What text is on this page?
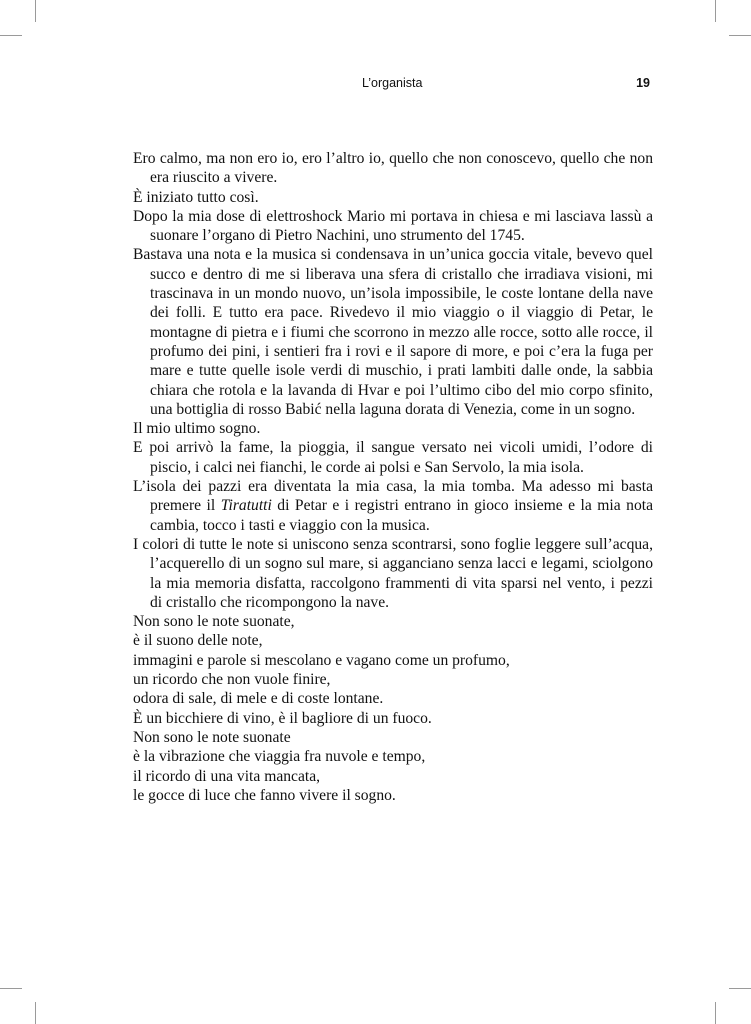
L’organista	19

Ero calmo, ma non ero io, ero l’altro io, quello che non conoscevo, quello che non era riuscito a vivere.

È iniziato tutto così.

Dopo la mia dose di elettroshock Mario mi portava in chiesa e mi lasciava lassù a suonare l’organo di Pietro Nachini, uno strumento del 1745.

Bastava una nota e la musica si condensava in un’unica goccia vitale, bevevo quel succo e dentro di me si liberava una sfera di cristallo che irradiava visioni, mi trascinava in un mondo nuovo, un’isola impossibile, le coste lontane della nave dei folli. E tutto era pace. Rivedevo il mio viaggio o il viaggio di Petar, le montagne di pietra e i fiumi che scorrono in mezzo alle rocce, sotto alle rocce, il profumo dei pini, i sentieri fra i rovi e il sapore di more, e poi c’era la fuga per mare e tutte quelle isole verdi di muschio, i prati lambiti dalle onde, la sabbia chiara che rotola e la lavanda di Hvar e poi l’ultimo cibo del mio corpo sfinito, una bottiglia di rosso Babić nella laguna dorata di Venezia, come in un sogno.

Il mio ultimo sogno.

E poi arrivò la fame, la pioggia, il sangue versato nei vicoli umidi, l’odore di piscio, i calci nei fianchi, le corde ai polsi e San Servolo, la mia isola.

L’isola dei pazzi era diventata la mia casa, la mia tomba. Ma adesso mi basta premere il Tiratutti di Petar e i registri entrano in gioco insieme e la mia nota cambia, tocco i tasti e viaggio con la musica.

I colori di tutte le note si uniscono senza scontrarsi, sono foglie leggere sull’acqua, l’acquerello di un sogno sul mare, si agganciano senza lacci e legami, sciolgono la mia memoria disfatta, raccolgono frammenti di vita sparsi nel vento, i pezzi di cristallo che ricompongono la nave.

Non sono le note suonate,

è il suono delle note,

immagini e parole si mescolano e vagano come un profumo,

un ricordo che non vuole finire,

odora di sale, di mele e di coste lontane.

È un bicchiere di vino, è il bagliore di un fuoco.

Non sono le note suonate

è la vibrazione che viaggia fra nuvole e tempo,

il ricordo di una vita mancata,

le gocce di luce che fanno vivere il sogno.
